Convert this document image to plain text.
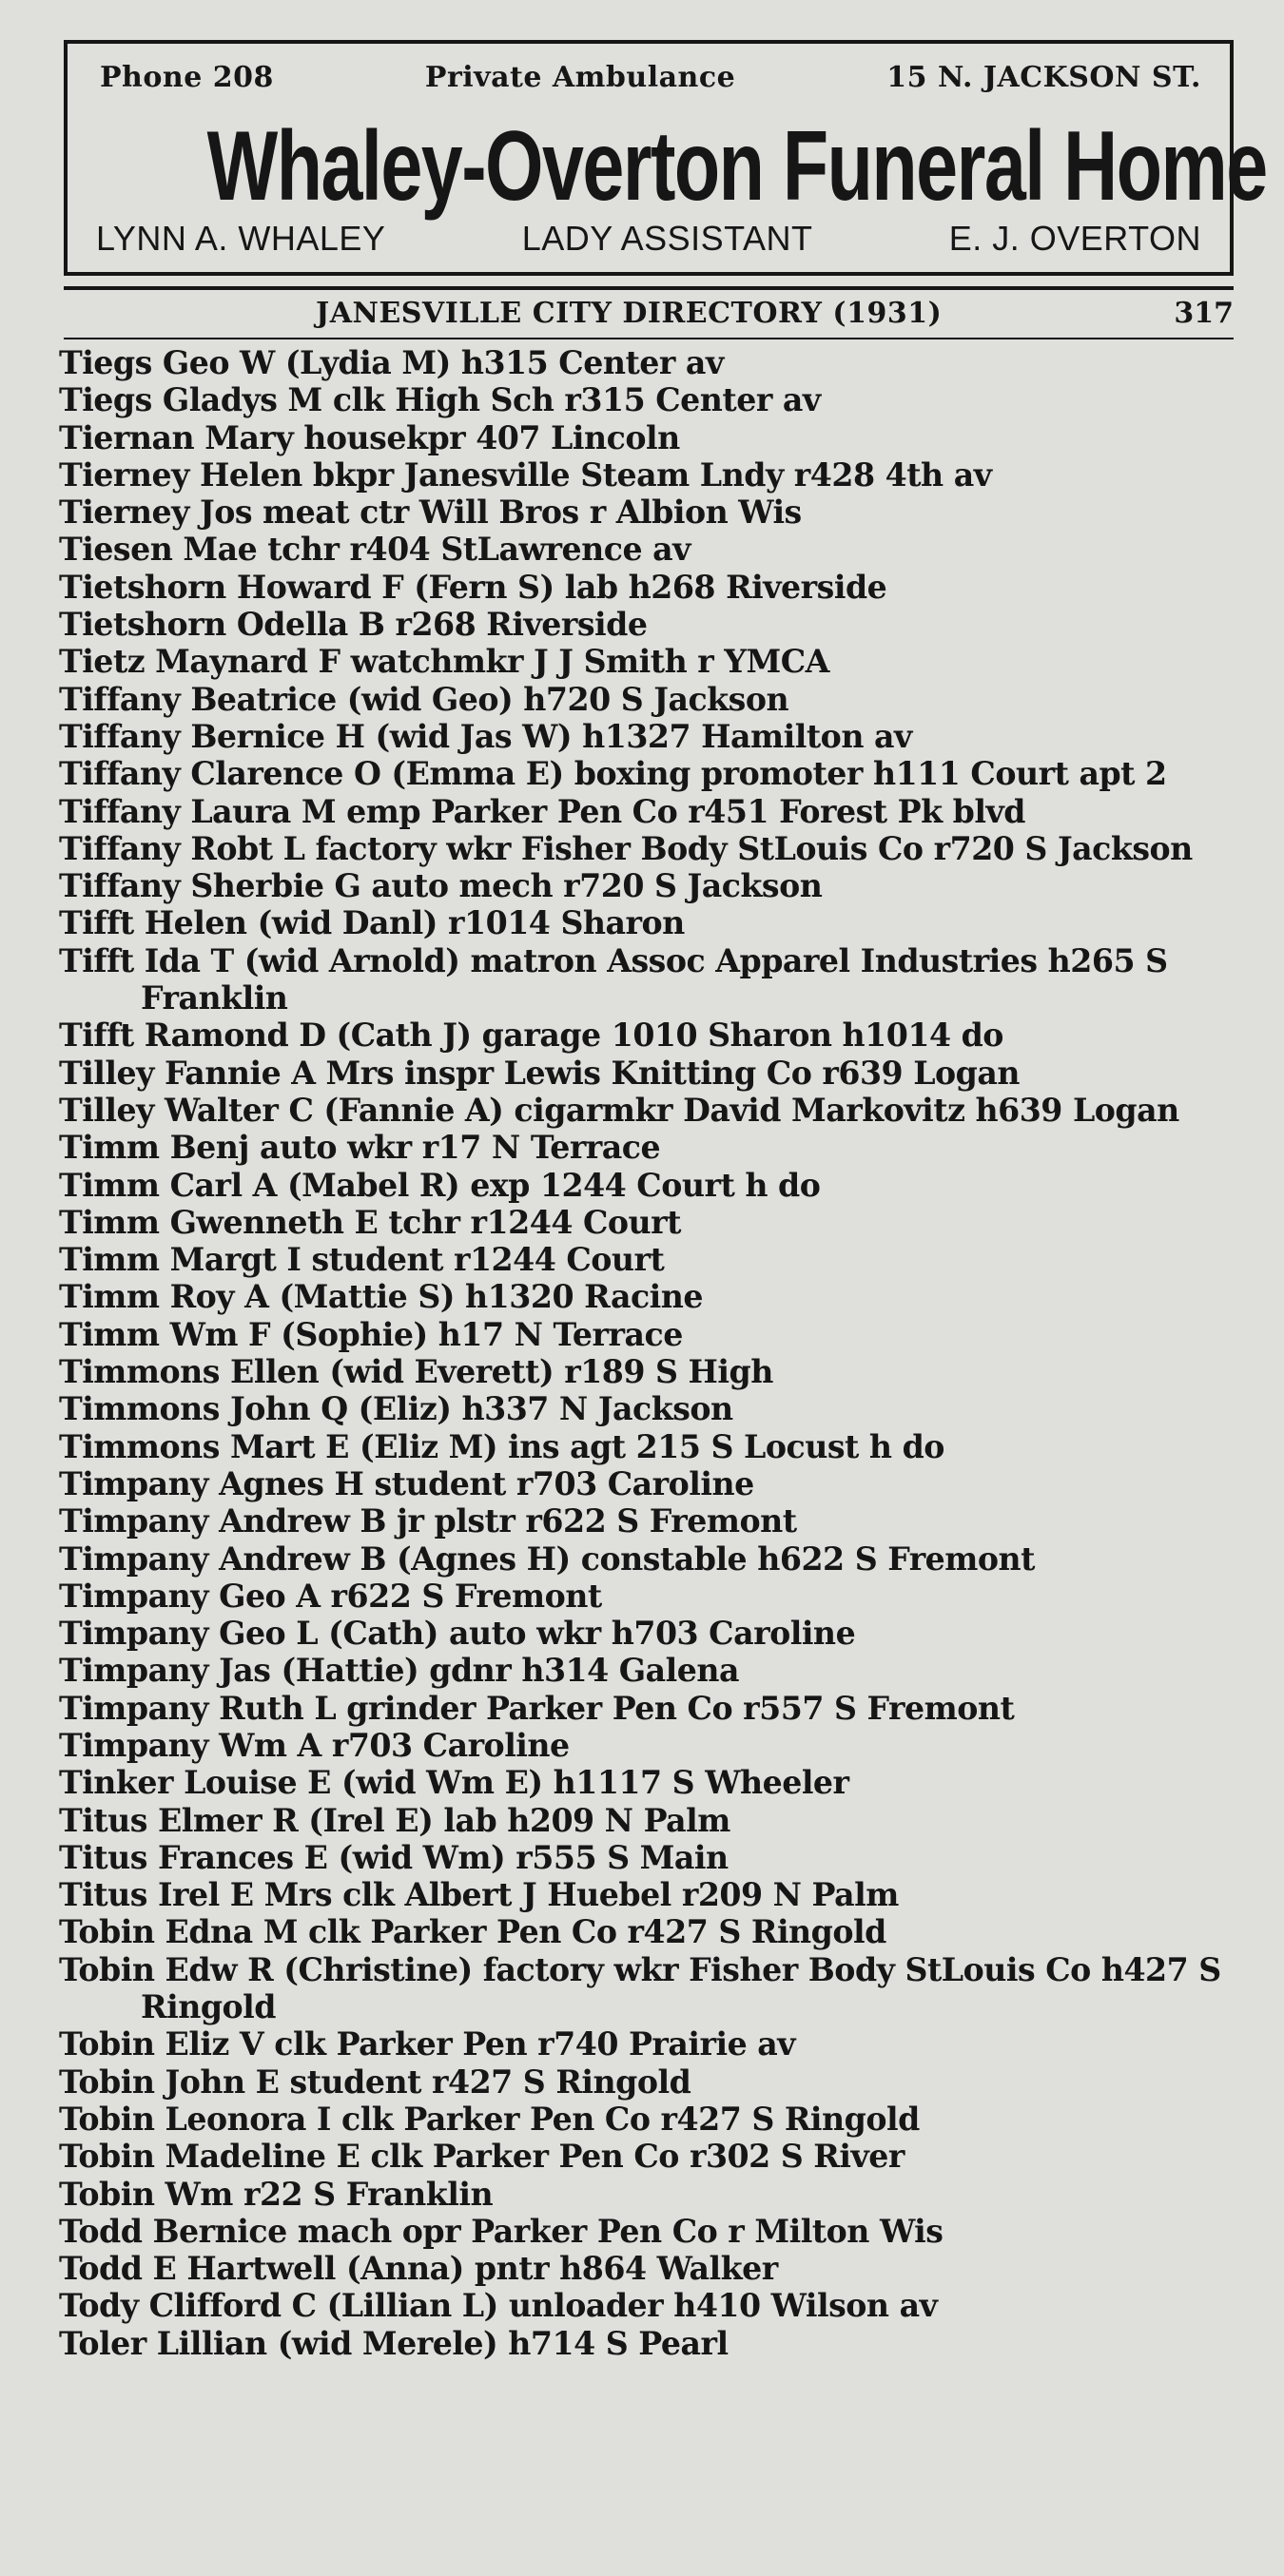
Phone 208	Private Ambulance	15 N. JACKSON ST.
Whaley-Overton Funeral Home
LYNN A. WHALEY	LADY ASSISTANT	E. J. OVERTON
JANESVILLE CITY DIRECTORY (1931)	317
Tiegs Geo W (Lydia M) h315 Center av
Tiegs Gladys M clk High Sch r315 Center av
Tiernan Mary housekpr 407 Lincoln
Tierney Helen bkpr Janesville Steam Lndy r428 4th av
Tierney Jos meat ctr Will Bros r Albion Wis
Tiesen Mae tchr r404 StLawrence av
Tietshorn Howard F (Fern S) lab h268 Riverside
Tietshorn Odella B r268 Riverside
Tietz Maynard F watchmkr J J Smith r YMCA
Tiffany Beatrice (wid Geo) h720 S Jackson
Tiffany Bernice H (wid Jas W) h1327 Hamilton av
Tiffany Clarence O (Emma E) boxing promoter h111 Court apt 2
Tiffany Laura M emp Parker Pen Co r451 Forest Pk blvd
Tiffany Robt L factory wkr Fisher Body StLouis Co r720 S Jackson
Tiffany Sherbie G auto mech r720 S Jackson
Tifft Helen (wid Danl) r1014 Sharon
Tifft Ida T (wid Arnold) matron Assoc Apparel Industries h265 S Franklin
Tifft Ramond D (Cath J) garage 1010 Sharon h1014 do
Tilley Fannie A Mrs inspr Lewis Knitting Co r639 Logan
Tilley Walter C (Fannie A) cigarmkr David Markovitz h639 Logan
Timm Benj auto wkr r17 N Terrace
Timm Carl A (Mabel R) exp 1244 Court h do
Timm Gwenneth E tchr r1244 Court
Timm Margt I student r1244 Court
Timm Roy A (Mattie S) h1320 Racine
Timm Wm F (Sophie) h17 N Terrace
Timmons Ellen (wid Everett) r189 S High
Timmons John Q (Eliz) h337 N Jackson
Timmons Mart E (Eliz M) ins agt 215 S Locust h do
Timpany Agnes H student r703 Caroline
Timpany Andrew B jr plstr r622 S Fremont
Timpany Andrew B (Agnes H) constable h622 S Fremont
Timpany Geo A r622 S Fremont
Timpany Geo L (Cath) auto wkr h703 Caroline
Timpany Jas (Hattie) gdnr h314 Galena
Timpany Ruth L grinder Parker Pen Co r557 S Fremont
Timpany Wm A r703 Caroline
Tinker Louise E (wid Wm E) h1117 S Wheeler
Titus Elmer R (Irel E) lab h209 N Palm
Titus Frances E (wid Wm) r555 S Main
Titus Irel E Mrs clk Albert J Huebel r209 N Palm
Tobin Edna M clk Parker Pen Co r427 S Ringold
Tobin Edw R (Christine) factory wkr Fisher Body StLouis Co h427 S Ringold
Tobin Eliz V clk Parker Pen r740 Prairie av
Tobin John E student r427 S Ringold
Tobin Leonora I clk Parker Pen Co r427 S Ringold
Tobin Madeline E clk Parker Pen Co r302 S River
Tobin Wm r22 S Franklin
Todd Bernice mach opr Parker Pen Co r Milton Wis
Todd E Hartwell (Anna) pntr h864 Walker
Tody Clifford C (Lillian L) unloader h410 Wilson av
Toler Lillian (wid Merele) h714 S Pearl
